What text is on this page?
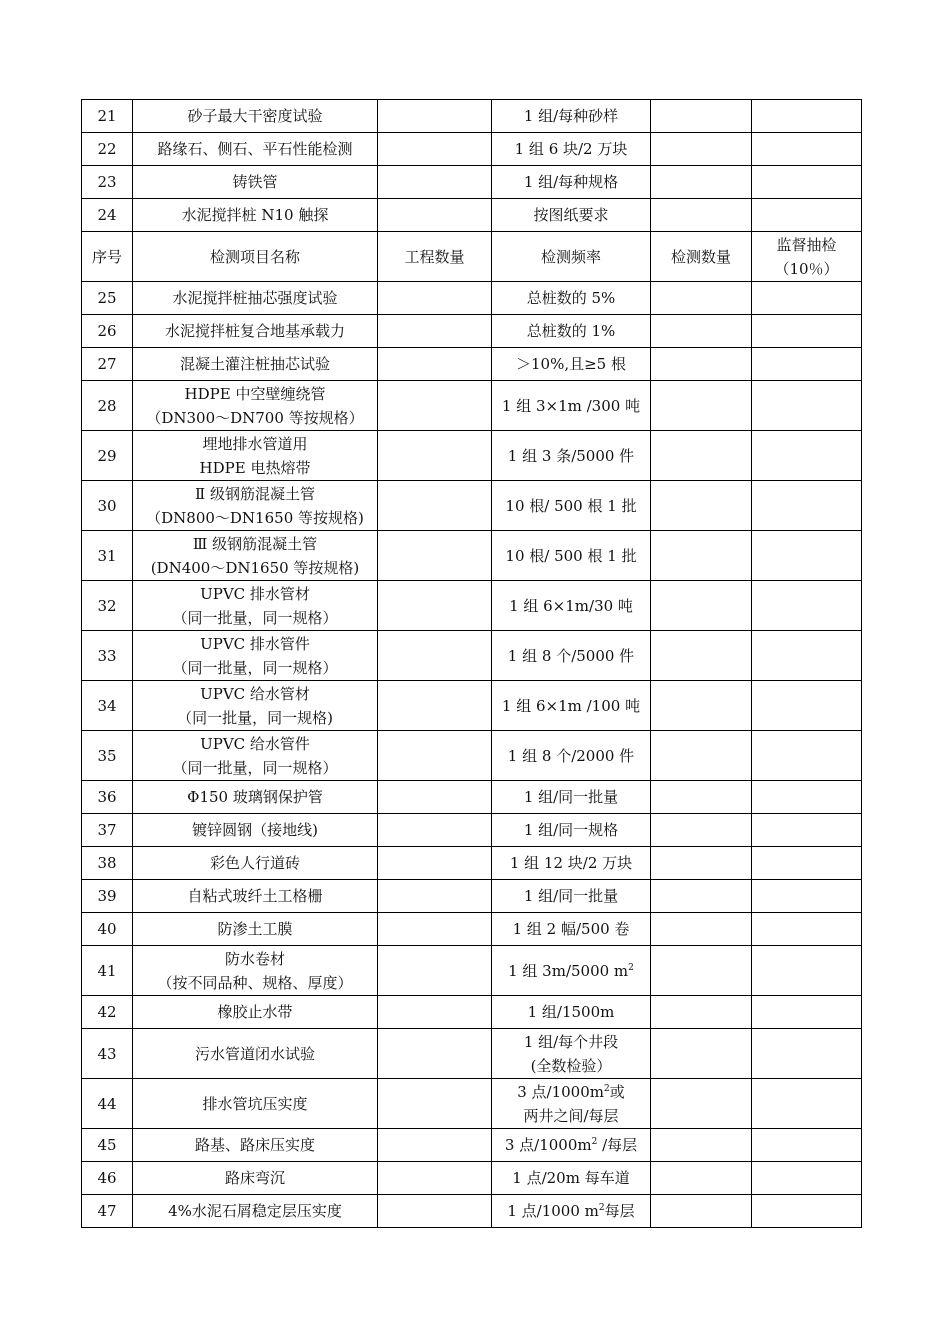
21	砂子最大干密度试验		1 组/每种砂样		

22	路缘石、侧石、平石性能检测		1 组 6 块/2 万块		

23	铸铁管		1 组/每种规格		

24	水泥搅拌桩 N10 触探		按图纸要求		

序号	检测项目名称	工程数量	检测频率	检测数量	监督抽检
（10％）

25	水泥搅拌桩抽芯强度试验		总桩数的 5%		

26	水泥搅拌桩复合地基承载力		总桩数的 1%		

27	混凝土灌注桩抽芯试验		＞10%,且≥5 根		

28	HDPE 中空壁缠绕管
（DN300～DN700 等按规格）		1 组 3×1m /300 吨		

29	埋地排水管道用
HDPE 电热熔带		1 组 3 条/5000 件		

30	Ⅱ 级钢筋混凝土管
（DN800～DN1650 等按规格)		10 根/ 500 根 1 批		

31	Ⅲ 级钢筋混凝土管
(DN400～DN1650 等按规格)		10 根/ 500 根 1 批		

32	UPVC 排水管材
（同一批量，同一规格）		1 组 6×1m/30 吨		

33	UPVC 排水管件
（同一批量，同一规格）		1 组 8 个/5000 件		

34	UPVC 给水管材
（同一批量，同一规格)		1 组 6×1m /100 吨		

35	UPVC 给水管件
（同一批量，同一规格）		1 组 8 个/2000 件		

36	Φ150 玻璃钢保护管		1 组/同一批量		

37	镀锌圆钢（接地线)		1 组/同一规格		

38	彩色人行道砖		1 组 12 块/2 万块		

39	自粘式玻纤土工格栅		1 组/同一批量		

40	防渗土工膜		1 组 2 幅/500 卷		

41	防水卷材
（按不同品种、规格、厚度）		1 组 3m/5000 $m^2$

42	橡胶止水带		1 组/1500m		

43	污水管道闭水试验		1 组/每个井段
(全数检验）		

44	排水管坑压实度		3 点$/1000m^2$或
两井之间/每层		

45	路基、路床压实度		3 点$/1000m^2$ /每层		

46	路床弯沉		1 点/20m 每车道		

47	4%水泥石屑稳定层压实度		1 点/1000 $m^2$每层		
